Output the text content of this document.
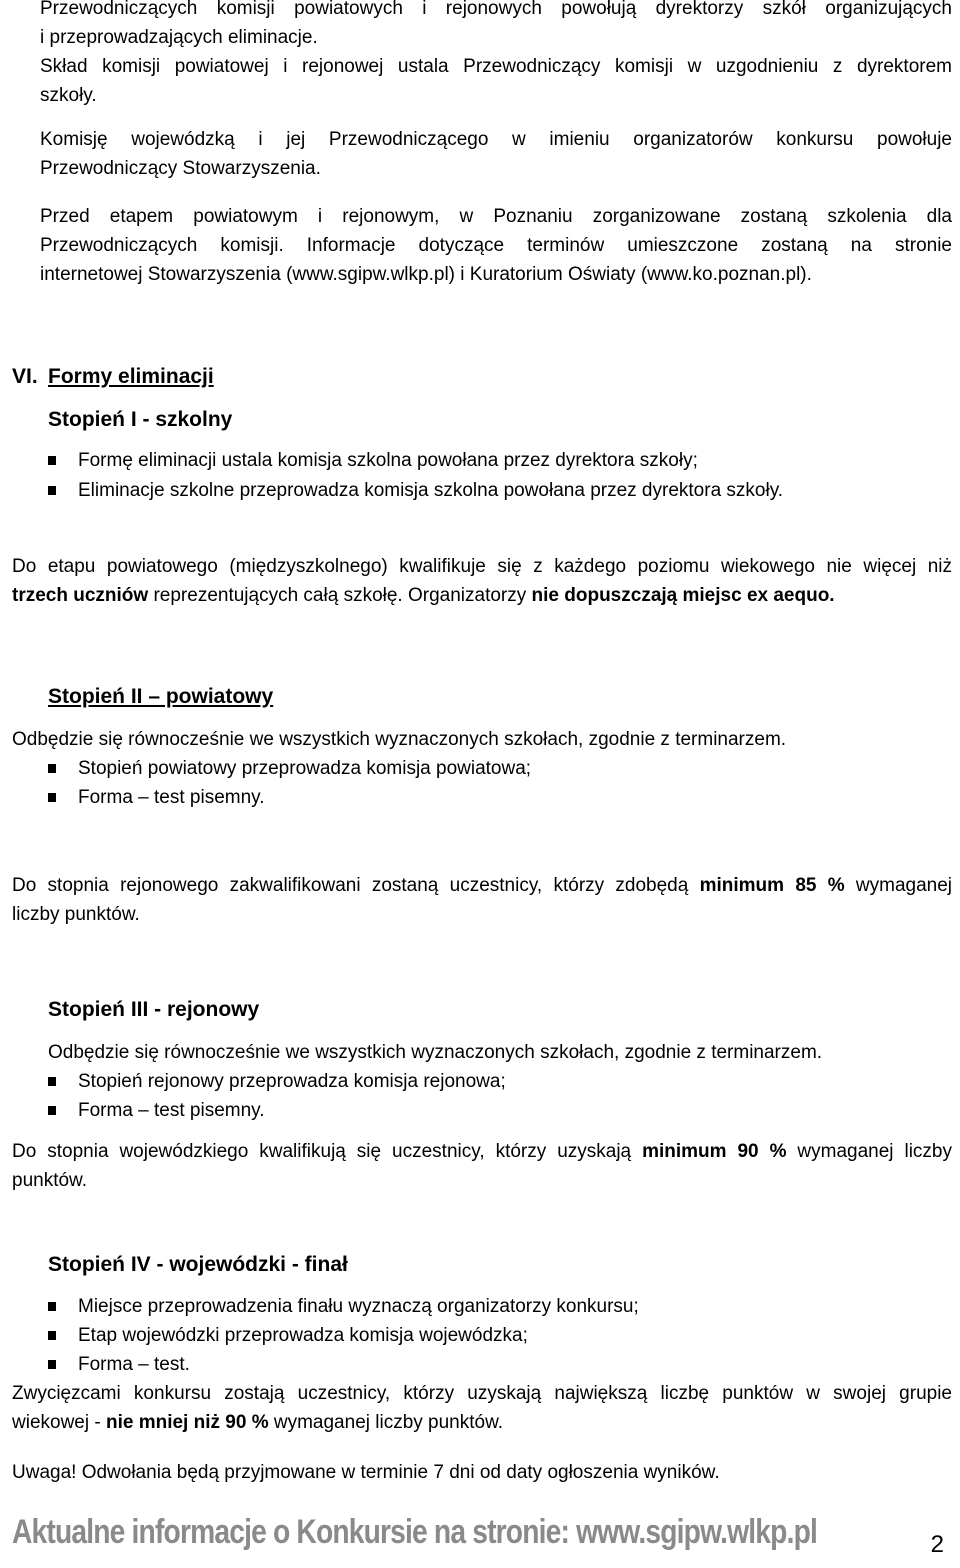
Przewodniczących komisji powiatowych i rejonowych powołują dyrektorzy szkół organizujących
i przeprowadzających eliminacje.
Skład komisji powiatowej i rejonowej ustala Przewodniczący komisji w uzgodnieniu z dyrektorem
szkoły.
Komisję wojewódzką i jej Przewodniczącego w imieniu organizatorów konkursu powołuje
Przewodniczący Stowarzyszenia.
Przed etapem powiatowym i rejonowym, w Poznaniu zorganizowane zostaną szkolenia dla
Przewodniczących komisji. Informacje dotyczące terminów umieszczone zostaną na stronie
internetowej Stowarzyszenia (www.sgipw.wlkp.pl) i Kuratorium Oświaty (www.ko.poznan.pl).
VI. Formy eliminacji
Stopień I - szkolny
Formę eliminacji ustala komisja szkolna powołana przez dyrektora szkoły;
Eliminacje szkolne przeprowadza komisja szkolna powołana przez dyrektora szkoły.
Do etapu powiatowego (międzyszkolnego) kwalifikuje się z każdego poziomu wiekowego nie więcej niż
trzech uczniów reprezentujących całą szkołę. Organizatorzy nie dopuszczają miejsc ex aequo.
Stopień II – powiatowy
Odbędzie się równocześnie we wszystkich wyznaczonych szkołach, zgodnie z terminarzem.
Stopień powiatowy przeprowadza komisja powiatowa;
Forma – test pisemny.
Do stopnia rejonowego zakwalifikowani zostaną uczestnicy, którzy zdobędą minimum 85 % wymaganej
liczby punktów.
Stopień III - rejonowy
Odbędzie się równocześnie we wszystkich wyznaczonych szkołach, zgodnie z terminarzem.
Stopień rejonowy przeprowadza komisja rejonowa;
Forma – test pisemny.
Do stopnia wojewódzkiego kwalifikują się uczestnicy, którzy uzyskają minimum 90 % wymaganej liczby
punktów.
Stopień IV - wojewódzki - finał
Miejsce przeprowadzenia finału wyznaczą organizatorzy konkursu;
Etap wojewódzki przeprowadza komisja wojewódzka;
Forma – test.
Zwycięzcami konkursu zostają uczestnicy, którzy uzyskają największą liczbę punktów w swojej grupie
wiekowej - nie mniej niż 90 % wymaganej liczby punktów.
Uwaga! Odwołania będą przyjmowane w terminie 7 dni od daty ogłoszenia wyników.
Aktualne informacje o Konkursie na stronie: www.sgipw.wlkp.pl	2
